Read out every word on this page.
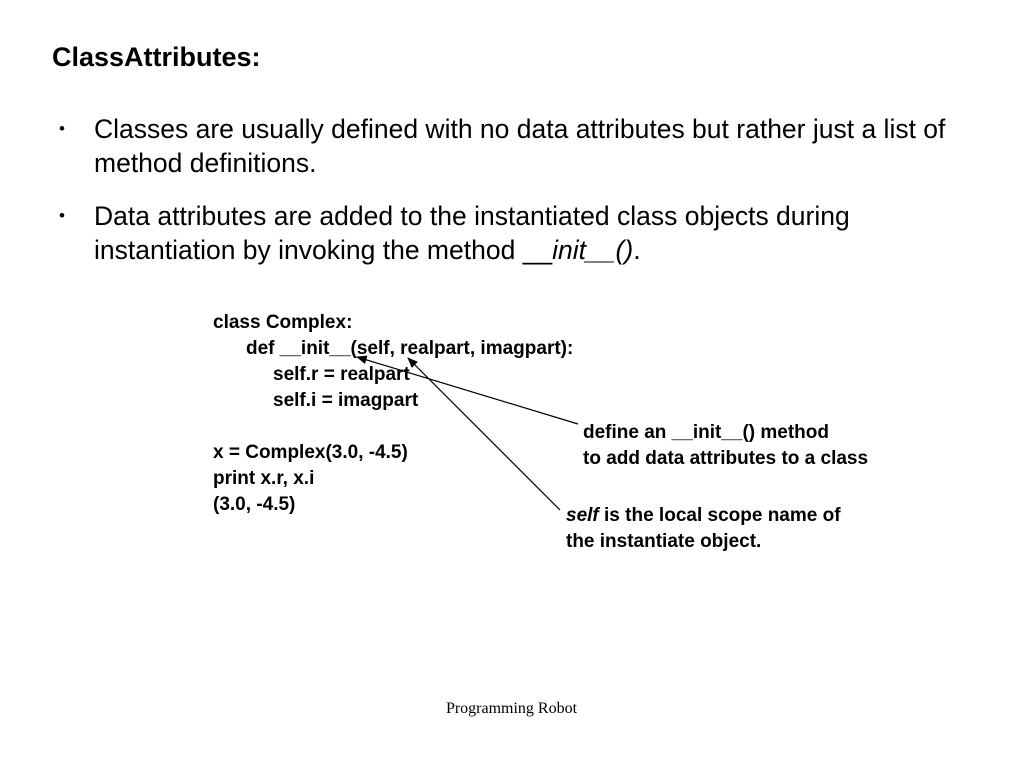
ClassAttributes:
• Classes are usually defined with no data attributes but rather just a list of method definitions.
• Data attributes are added to the instantiated class objects during instantiation by invoking the method __init__().
class Complex:
def __init__(self, realpart, imagpart):
self.r = realpart
self.i = imagpart
x = Complex(3.0, -4.5)
print x.r, x.i
(3.0, -4.5)
define an __init__() method
to add data attributes to a class
self is the local scope name of
the instantiate object.
Programming Robot
